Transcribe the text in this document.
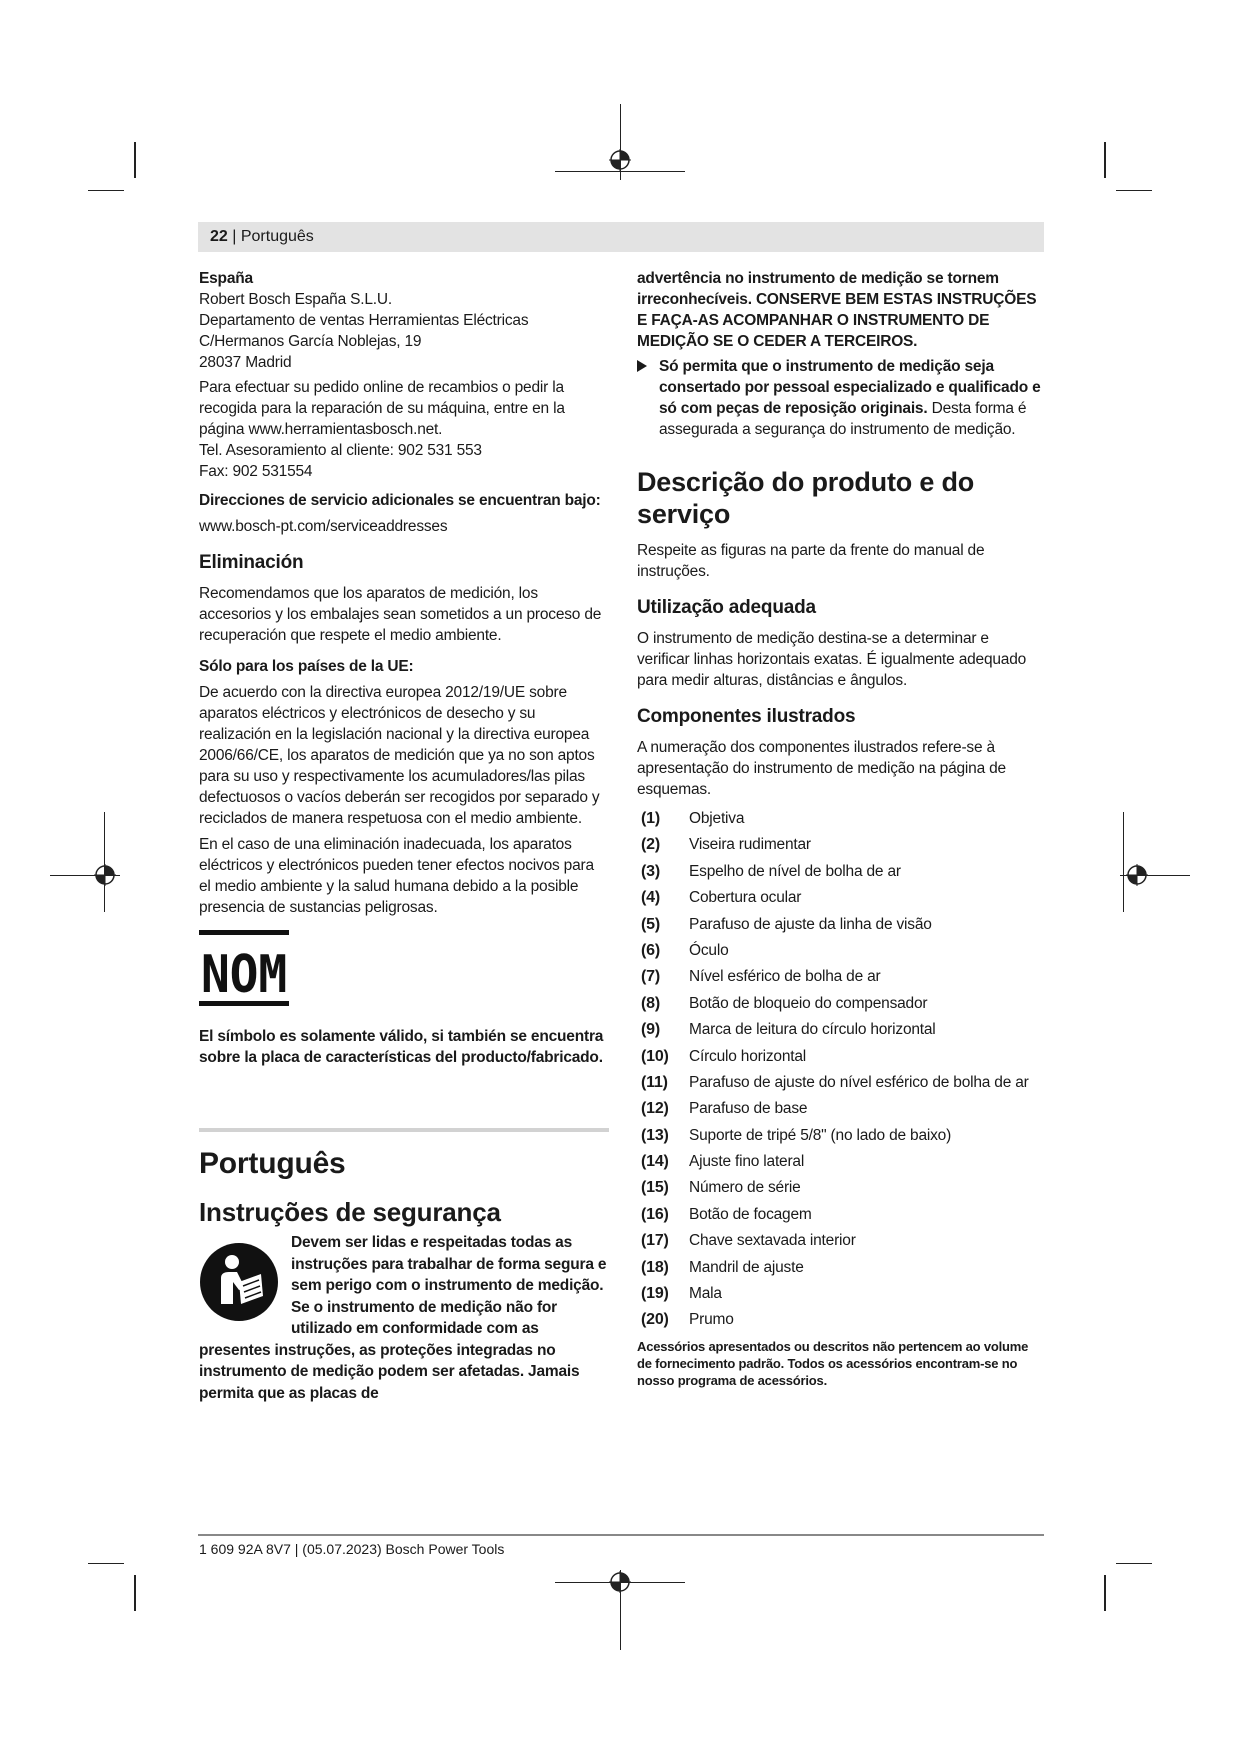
22 | Português

España
Robert Bosch España S.L.U.
Departamento de ventas Herramientas Eléctricas
C/Hermanos García Noblejas, 19
28037 Madrid

Para efectuar su pedido online de recambios o pedir la recogida para la reparación de su máquina, entre en la página www.herramientasbosch.net.
Tel. Asesoramiento al cliente: 902 531 553
Fax: 902 531554

Direcciones de servicio adicionales se encuentran bajo:

www.bosch-pt.com/serviceaddresses

Eliminación

Recomendamos que los aparatos de medición, los accesorios y los embalajes sean sometidos a un proceso de recuperación que respete el medio ambiente.

Sólo para los países de la UE:

De acuerdo con la directiva europea 2012/19/UE sobre aparatos eléctricos y electrónicos de desecho y su realización en la legislación nacional y la directiva europea 2006/66/CE, los aparatos de medición que ya no son aptos para su uso y respectivamente los acumuladores/las pilas defectuosos o vacíos deberán ser recogidos por separado y reciclados de manera respetuosa con el medio ambiente.

En el caso de una eliminación inadecuada, los aparatos eléctricos y electrónicos pueden tener efectos nocivos para el medio ambiente y la salud humana debido a la posible presencia de sustancias peligrosas.

NOM

El símbolo es solamente válido, si también se encuentra sobre la placa de características del producto/fabricado.

Português
Instruções de segurança

Devem ser lidas e respeitadas todas as instruções para trabalhar de forma segura e sem perigo com o instrumento de medição. Se o instrumento de medição não for utilizado em conformidade com as presentes instruções, as proteções integradas no instrumento de medição podem ser afetadas. Jamais permita que as placas de

advertência no instrumento de medição se tornem irreconhecíveis. CONSERVE BEM ESTAS INSTRUÇÕES E FAÇA-AS ACOMPANHAR O INSTRUMENTO DE MEDIÇÃO SE O CEDER A TERCEIROS.

Só permita que o instrumento de medição seja consertado por pessoal especializado e qualificado e só com peças de reposição originais. Desta forma é assegurada a segurança do instrumento de medição.
Descrição do produto e do serviço

Respeite as figuras na parte da frente do manual de instruções.

Utilização adequada

O instrumento de medição destina-se a determinar e verificar linhas horizontais exatas. É igualmente adequado para medir alturas, distâncias e ângulos.

Componentes ilustrados

A numeração dos componentes ilustrados refere-se à apresentação do instrumento de medição na página de esquemas.

(1) Objetiva
(2) Viseira rudimentar
(3) Espelho de nível de bolha de ar
(4) Cobertura ocular
(5) Parafuso de ajuste da linha de visão
(6) Óculo
(7) Nível esférico de bolha de ar
(8) Botão de bloqueio do compensador
(9) Marca de leitura do círculo horizontal
(10) Círculo horizontal
(11) Parafuso de ajuste do nível esférico de bolha de ar
(12) Parafuso de base
(13) Suporte de tripé 5/8" (no lado de baixo)
(14) Ajuste fino lateral
(15) Número de série
(16) Botão de focagem
(17) Chave sextavada interior
(18) Mandril de ajuste
(19) Mala
(20) Prumo

Acessórios apresentados ou descritos não pertencem ao volume de fornecimento padrão. Todos os acessórios encontram-se no nosso programa de acessórios.

1 609 92A 8V7 | (05.07.2023) Bosch Power Tools
